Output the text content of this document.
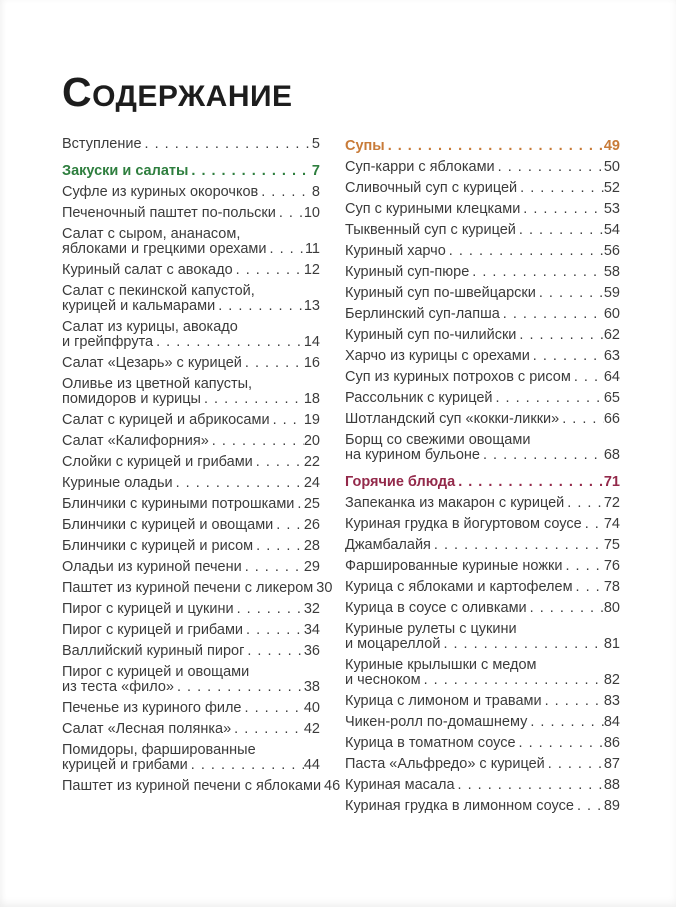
СОДЕРЖАНИЕ
Вступление . . .	5
Закуски и салаты . . .	7
Суфле из куриных окорочков . . .	8
Печеночный паштет по-польски . . . 10
Салат с сыром, ананасом,
яблоками и грецкими орехами . . .	11
Куриный салат с авокадо . . .	12
Салат с пекинской капустой,
курицей и кальмарами . . .	13
Салат из курицы, авокадо
и грейпфрута . . .	14
Салат «Цезарь» с курицей . . .	16
Оливье из цветной капусты,
помидоров и курицы . . .	18
Салат с курицей и абрикосами . . . 19
Салат «Калифорния» . . .	20
Слойки с курицей и грибами . . .	22
Куриные оладьи . . .	24
Блинчики с куриными потрошками . . . 25
Блинчики с курицей и овощами . . . 26
Блинчики с курицей и рисом . . .	28
Оладьи из куриной печени . . .	29
Паштет из куриной печени с ликером 30
Пирог с курицей и цукини . . .	32
Пирог с курицей и грибами . . .	34
Валлийский куриный пирог . . .	36
Пирог с курицей и овощами
из теста «фило» . . .	38
Печенье из куриного филе . . .	40
Салат «Лесная полянка» . . .	42
Помидоры, фаршированные
курицей и грибами . . .	44
Паштет из куриной печени с яблоками 46
Супы . . .	49
Суп-карри с яблоками . . .	50
Сливочный суп с курицей . . .	52
Суп с куриными клецками . . .	53
Тыквенный суп с курицей . . .	54
Куриный харчо . . .	56
Куриный суп-пюре . . .	58
Куриный суп по-швейцарски . . .	59
Берлинский суп-лапша . . .	60
Куриный суп по-чилийски . . .	62
Харчо из курицы с орехами . . .	63
Суп из куриных потрохов с рисом . . . 64
Рассольник с курицей . . .	65
Шотландский суп «кокки-ликки» . . .	66
Борщ со свежими овощами
на курином бульоне . . .	68
Горячие блюда . . .	71
Запеканка из макарон с курицей . . .	72
Куриная грудка в йогуртовом соусе . . . 74
Джамбалайя . . .	75
Фаршированные куриные ножки . . .	76
Курица с яблоками и картофелем . . . 78
Курица в соусе с оливками . . .	80
Куриные рулеты с цукини
и моцареллой . . .	81
Куриные крылышки с медом
и чесноком . . .	82
Курица с лимоном и травами . . .	83
Чикен-ролл по-домашнему . . .	84
Курица в томатном соусе . . .	86
Паста «Альфредо» с курицей . . .	87
Куриная масала . . .	88
Куриная грудка в лимонном соусе . . . 89
